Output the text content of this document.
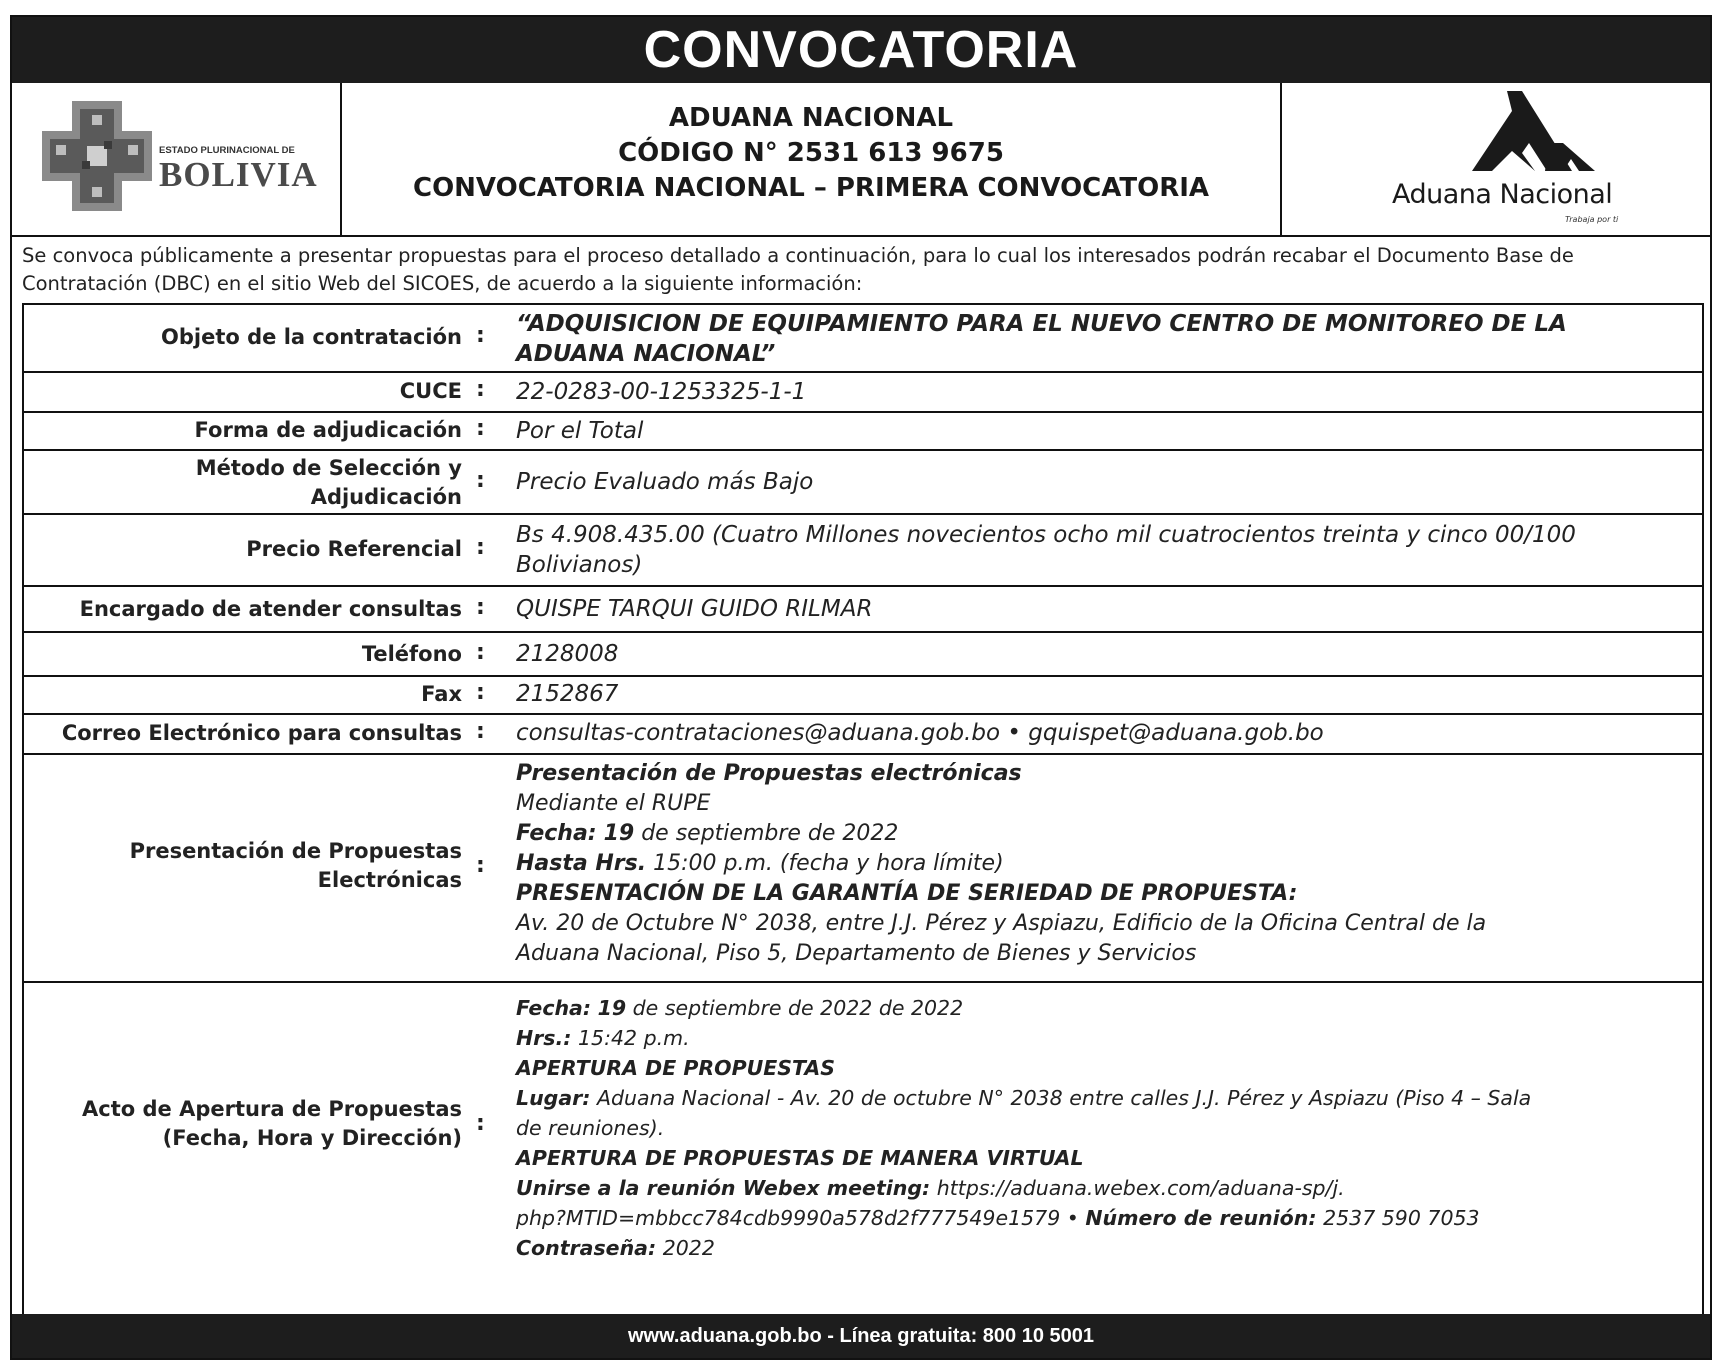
CONVOCATORIA
ESTADO PLURINACIONAL DE
BOLIVIA
ADUANA NACIONAL
CÓDIGO N° 2531 613 9675
CONVOCATORIA NACIONAL – PRIMERA CONVOCATORIA	Aduana Nacional
Trabaja por ti
Se convoca públicamente a presentar propuestas para el proceso detallado a continuación, para lo cual los interesados podrán recabar el Documento Base de Contratación (DBC) en el sitio Web del SICOES, de acuerdo a la siguiente información:
Objeto de la contratación : “ADQUISICION DE EQUIPAMIENTO PARA EL NUEVO CENTRO DE MONITOREO DE LA ADUANA NACIONAL”
CUCE : 22-0283-00-1253325-1-1
Forma de adjudicación : Por el Total
Método de Selección y
Adjudicación
: Precio Evaluado más Bajo
Precio Referencial : Bs 4.908.435.00 (Cuatro Millones novecientos ocho mil cuatrocientos treinta y cinco 00/100 Bolivianos)
Encargado de atender consultas : QUISPE TARQUI GUIDO RILMAR
Teléfono : 2128008
Fax : 2152867
Correo Electrónico para consultas : consultas-contrataciones@aduana.gob.bo • gquispet@aduana.gob.bo
Presentación de Propuestas
Electrónicas
:
Presentación de Propuestas electrónicas
Mediante el RUPE
Fecha: 19 de septiembre de 2022
Hasta Hrs. 15:00 p.m. (fecha y hora límite)
PRESENTACIÓN DE LA GARANTÍA DE SERIEDAD DE PROPUESTA:
Av. 20 de Octubre N° 2038, entre J.J. Pérez y Aspiazu, Edificio de la Oficina Central de la
Aduana Nacional, Piso 5, Departamento de Bienes y Servicios
Acto de Apertura de Propuestas
(Fecha, Hora y Dirección)
:
Fecha: 19 de septiembre de 2022 de 2022
Hrs.: 15:42 p.m.
APERTURA DE PROPUESTAS
Lugar: Aduana Nacional - Av. 20 de octubre N° 2038 entre calles J.J. Pérez y Aspiazu (Piso 4 – Sala
de reuniones).
APERTURA DE PROPUESTAS DE MANERA VIRTUAL
Unirse a la reunión Webex meeting: https://aduana.webex.com/aduana-sp/j.
php?MTID=mbbcc784cdb9990a578d2f777549e1579 • Número de reunión: 2537 590 7053
Contraseña: 2022
www.aduana.gob.bo - Línea gratuita: 800 10 5001
